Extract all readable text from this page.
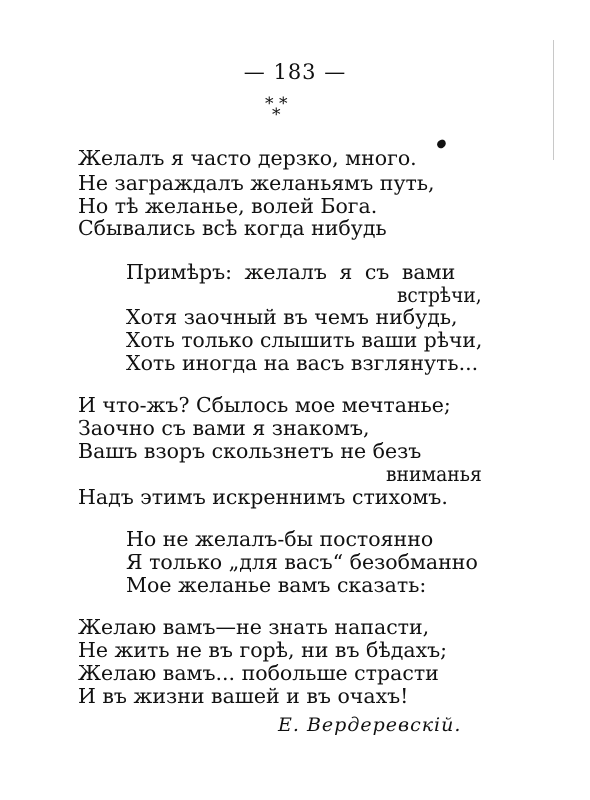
— 183 —
* *
*
Желалъ я часто дерзко, много.
Не заграждалъ желаньямъ путь,
Но тѣ желанье, волей Бога.
Сбывались всѣ когда нибудь
Примѣръ: желалъ я съ вами
встрѣчи,
Хотя заочный въ чемъ нибудь,
Хоть только слышить ваши рѣчи,
Хоть иногда на васъ взглянуть...
И что-жъ? Сбылось мое мечтанье;
Заочно съ вами я знакомъ,
Вашъ взоръ скользнетъ не безъ
вниманья
Надъ этимъ искреннимъ стихомъ.
Но не желалъ-бы постоянно
Я только „для васъ“ безобманно
Мое желанье вамъ сказать:
Желаю вамъ—не знать напасти,
Не жить не въ горѣ, ни въ бѣдахъ;
Желаю вамъ... побольше страсти
И въ жизни вашей и въ очахъ!
Е. Вердеревскій.
